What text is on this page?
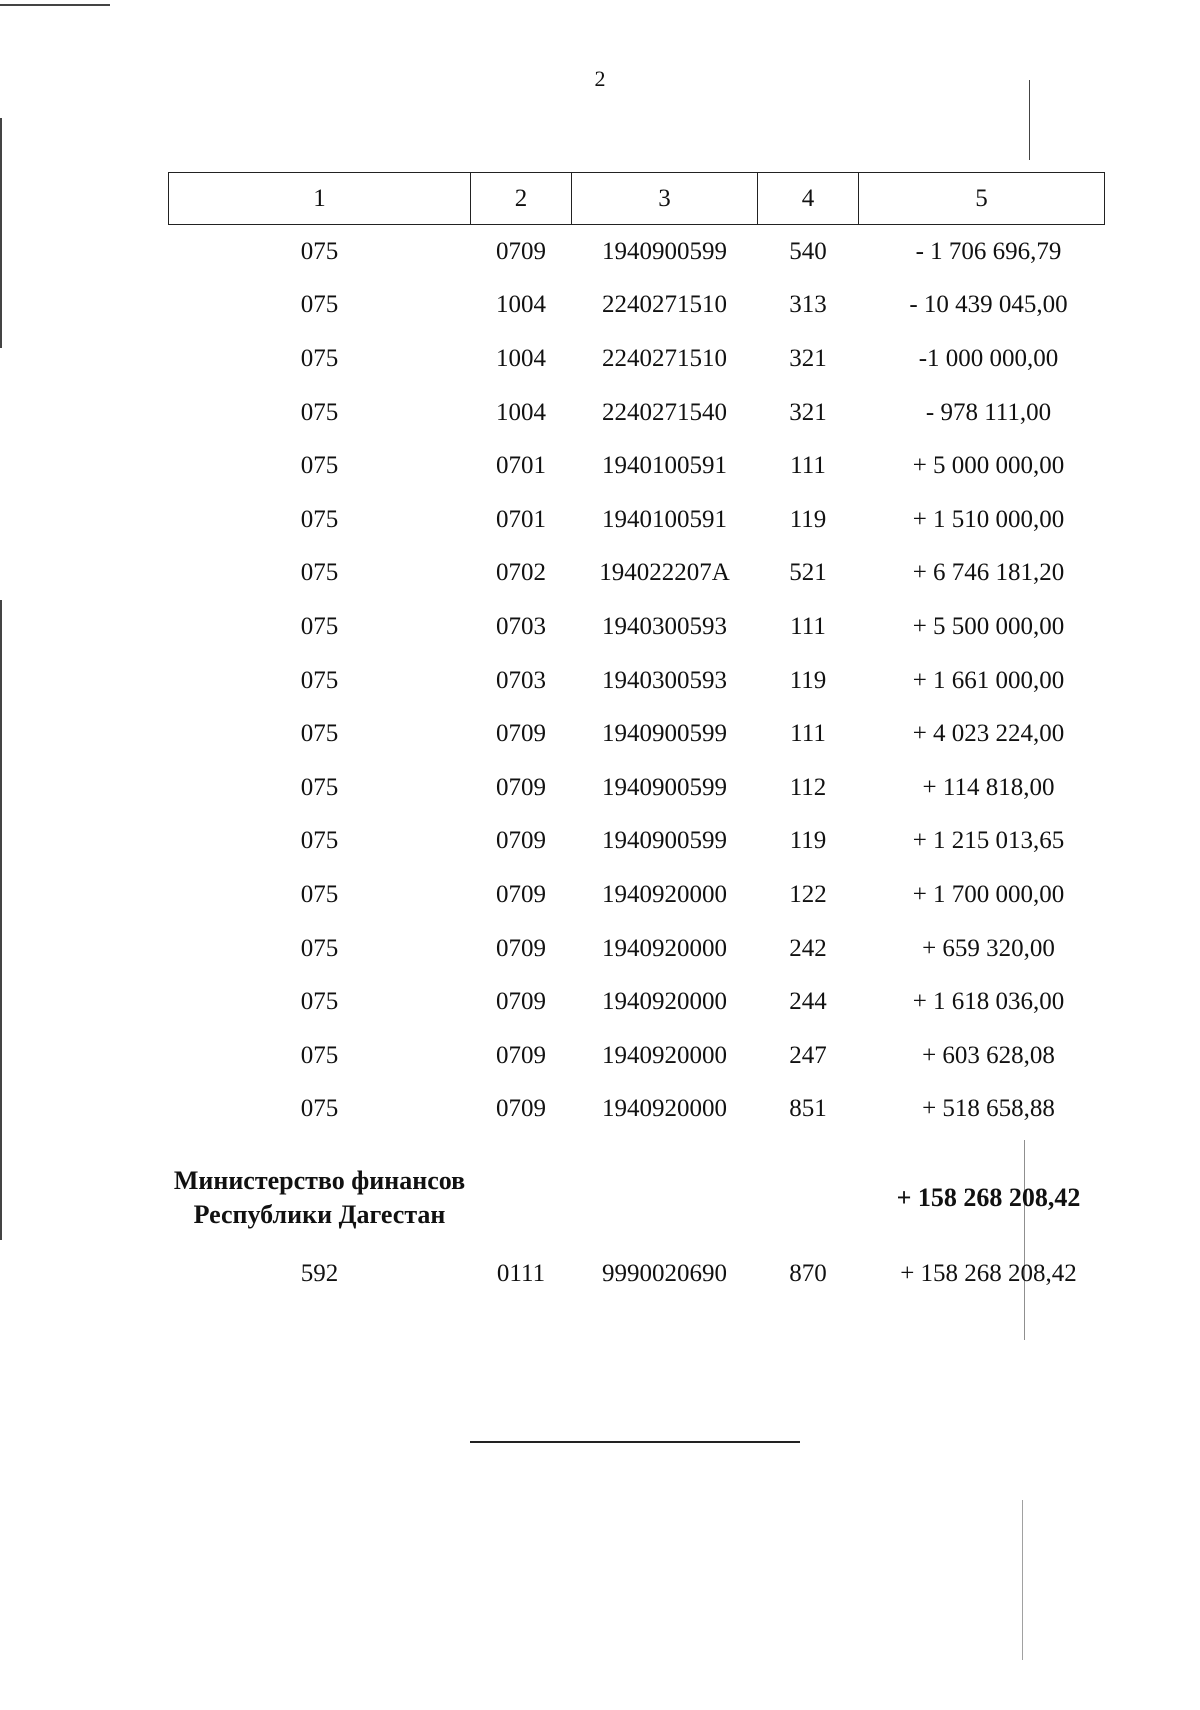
2
1	2	3	4	5
075	0709	1940900599	540	- 1 706 696,79
075	1004	2240271510	313	- 10 439 045,00
075	1004	2240271510	321	-1 000 000,00
075	1004	2240271540	321	- 978 111,00
075	0701	1940100591	111	+ 5 000 000,00
075	0701	1940100591	119	+ 1 510 000,00
075	0702	194022207A	521	+ 6 746 181,20
075	0703	1940300593	111	+ 5 500 000,00
075	0703	1940300593	119	+ 1 661 000,00
075	0709	1940900599	111	+ 4 023 224,00
075	0709	1940900599	112	+ 114 818,00
075	0709	1940900599	119	+ 1 215 013,65
075	0709	1940920000	122	+ 1 700 000,00
075	0709	1940920000	242	+ 659 320,00
075	0709	1940920000	244	+ 1 618 036,00
075	0709	1940920000	247	+ 603 628,08
075	0709	1940920000	851	+ 518 658,88
Министерство финансов Республики Дагестан				+ 158 268 208,42
592	0111	9990020690	870	+ 158 268 208,42
